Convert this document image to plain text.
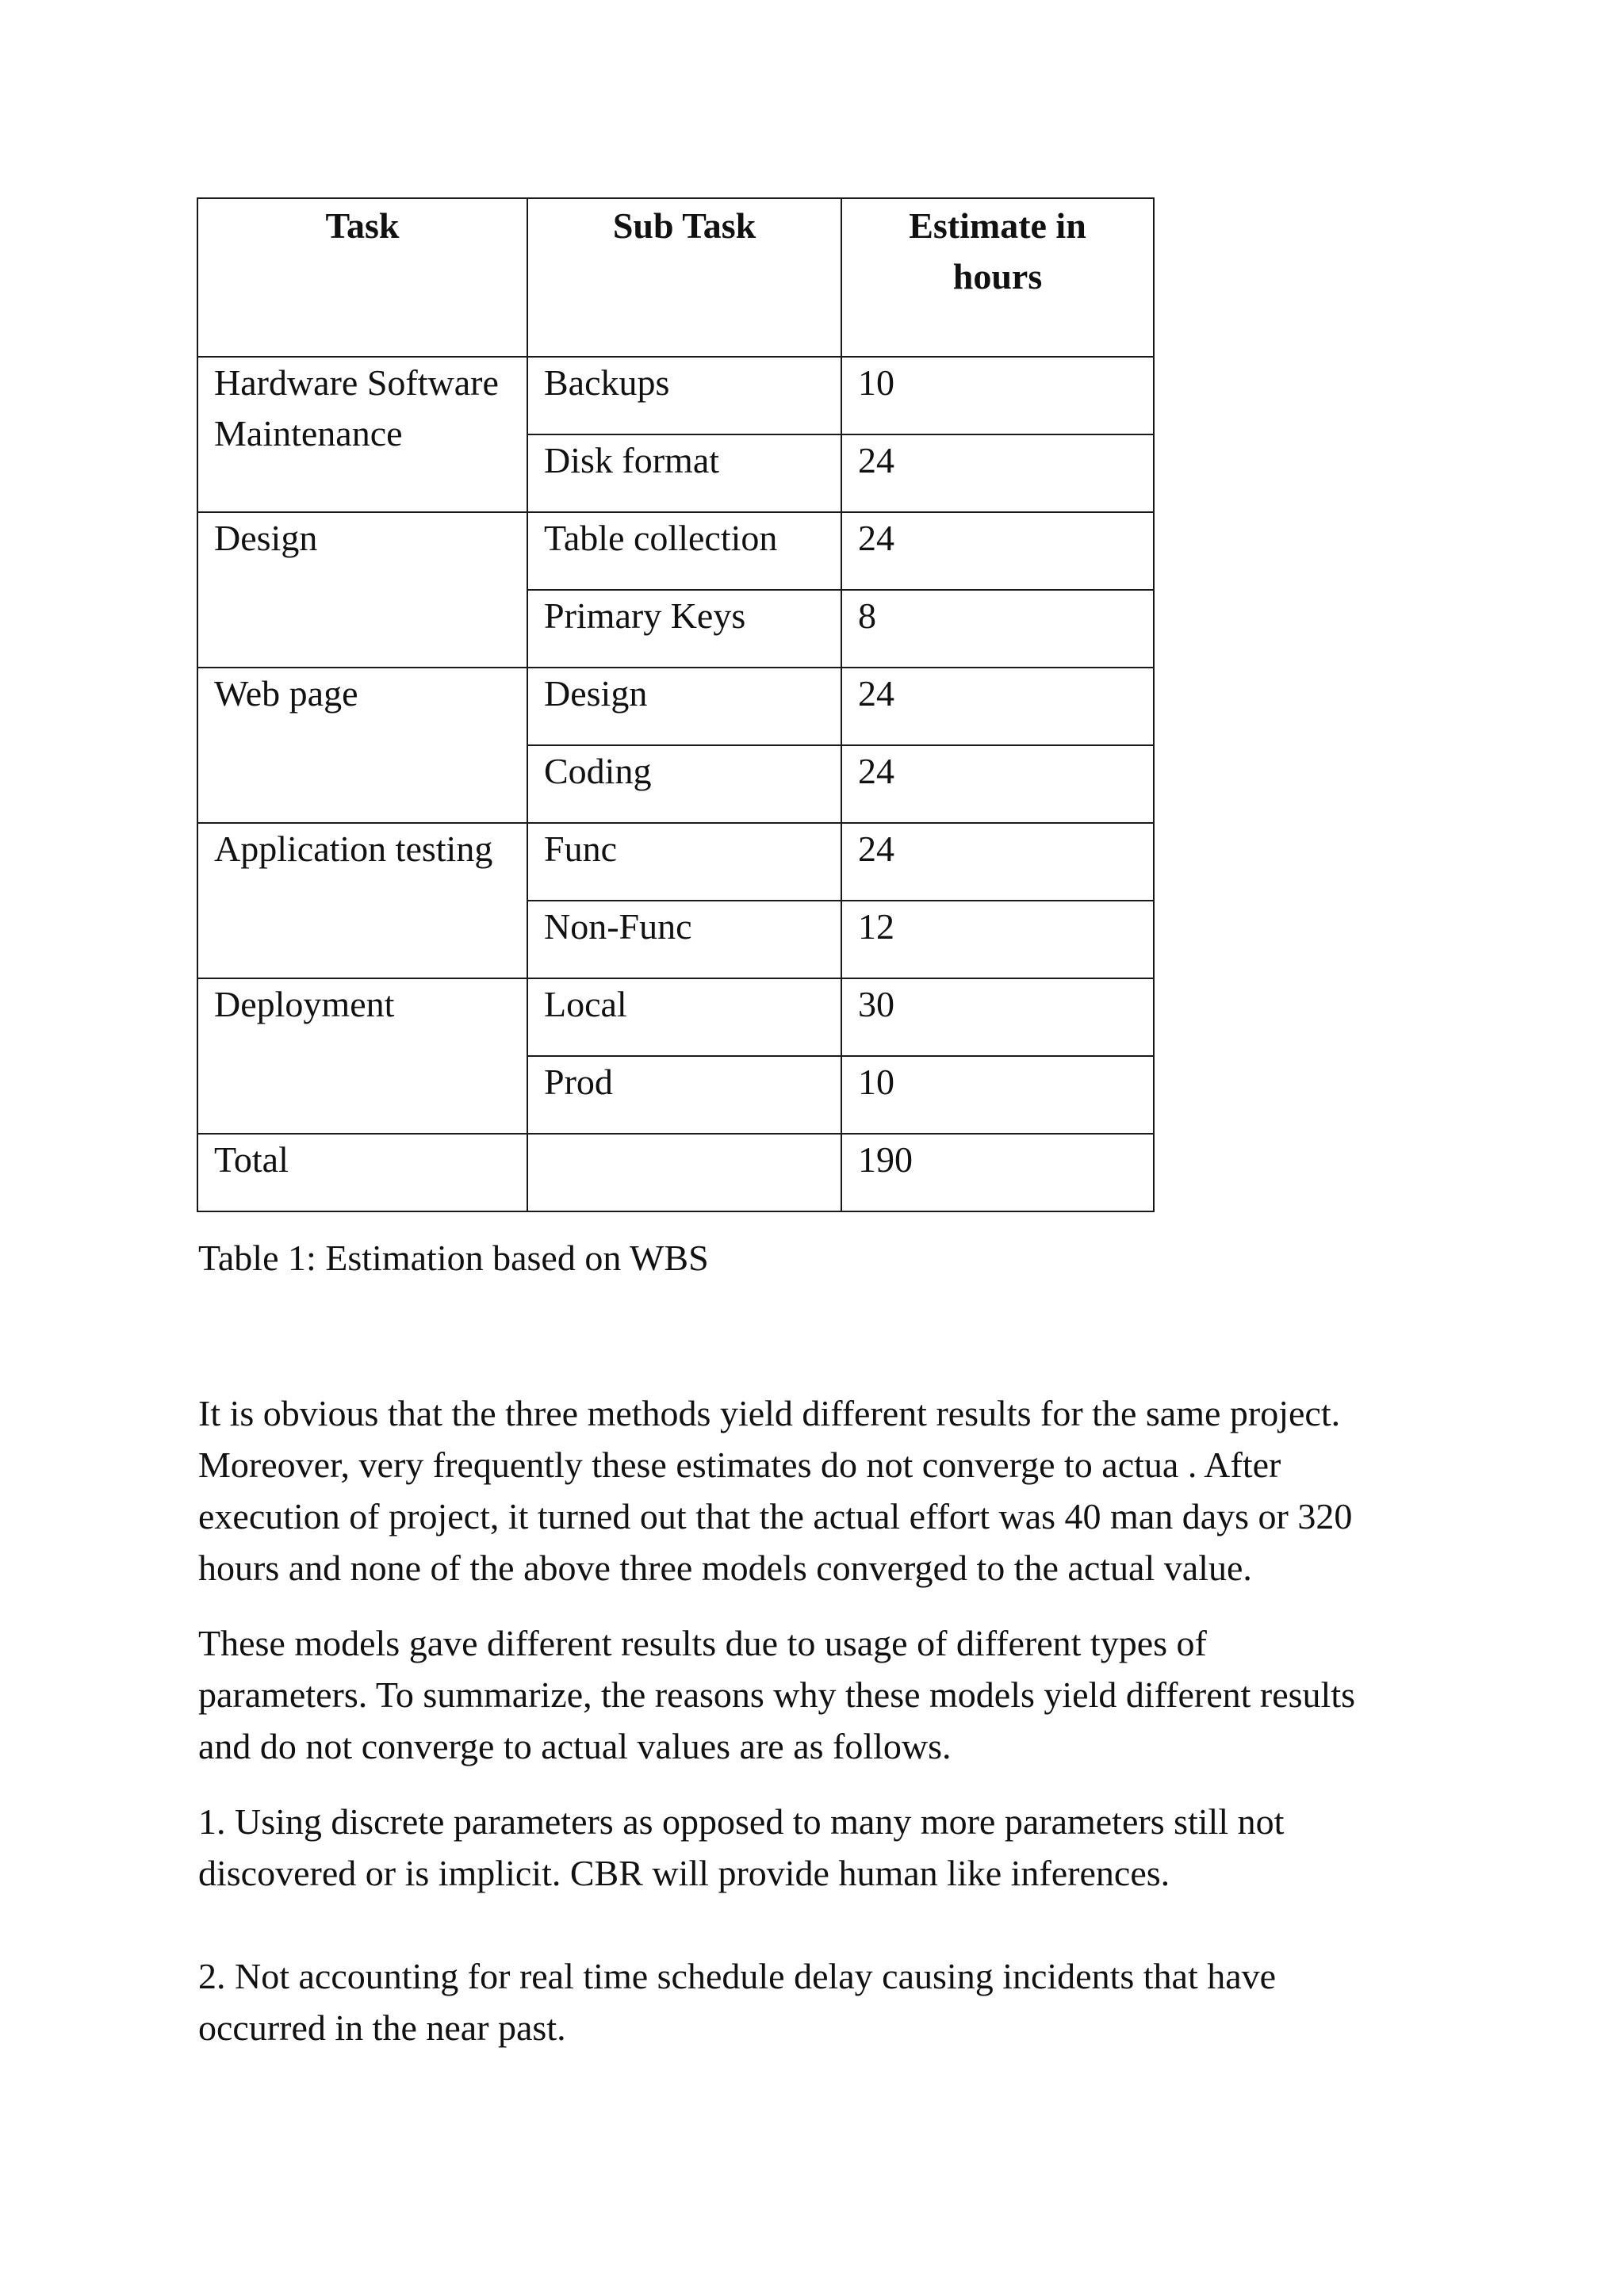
Task	Sub Task	Estimate in hours
Hardware Software Maintenance	Backups	10
	Disk format	24
Design	Table collection	24
	Primary Keys	8
Web page	Design	24
	Coding	24
Application testing	Func	24
	Non-Func	12
Deployment	Local	30
	Prod	10
Total		190
Table 1: Estimation based on WBS

It is obvious that the three methods yield different results for the same project.
Moreover, very frequently these estimates do not converge to actua . After
execution of project, it turned out that the actual effort was 40 man days or 320
hours and none of the above three models converged to the actual value.

These models gave different results due to usage of different types of
parameters. To summarize, the reasons why these models yield different results
and do not converge to actual values are as follows.

1. Using discrete parameters as opposed to many more parameters still not
discovered or is implicit. CBR will provide human like inferences.

2. Not accounting for real time schedule delay causing incidents that have
occurred in the near past.
